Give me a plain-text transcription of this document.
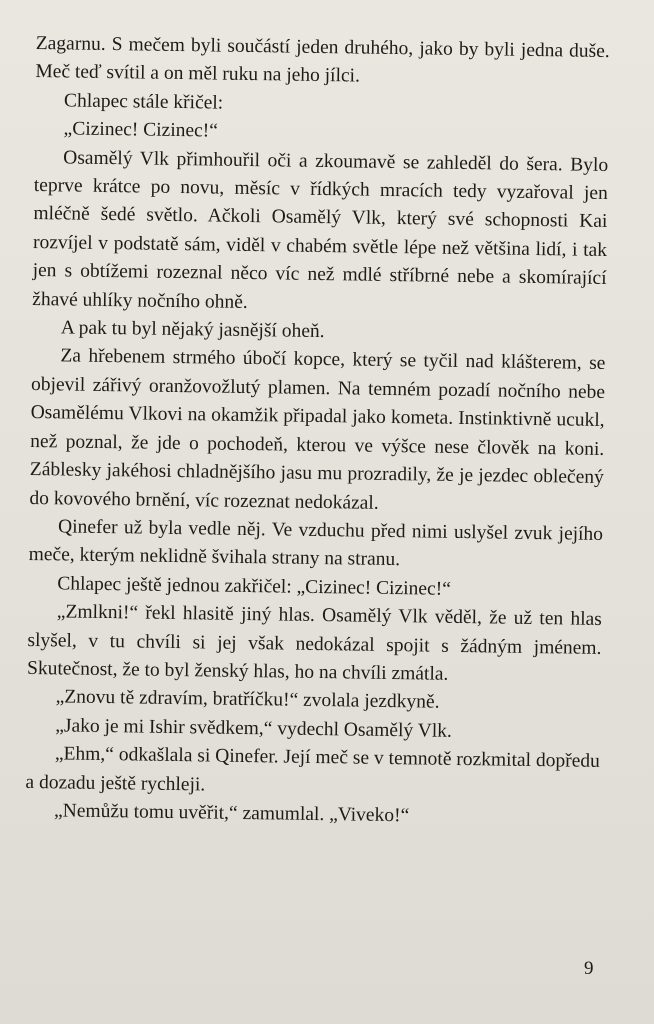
Zagarnu. S mečem byli součástí jeden druhého, jako by byli jedna duše. Meč teď svítil a on měl ruku na jeho jílci.

Chlapec stále křičel:

„Cizinec! Cizinec!“

Osamělý Vlk přimhouřil oči a zkoumavě se zahleděl do šera. Bylo teprve krátce po novu, měsíc v řídkých mracích tedy vyzařoval jen mléčně šedé světlo. Ačkoli Osamělý Vlk, který své schopnosti Kai rozvíjel v podstatě sám, viděl v chabém světle lépe než většina lidí, i tak jen s obtížemi rozeznal něco víc než mdlé stříbrné nebe a skomírající žhavé uhlíky nočního ohně.

A pak tu byl nějaký jasnější oheň.

Za hřebenem strmého úbočí kopce, který se tyčil nad klášterem, se objevil zářivý oranžovožlutý plamen. Na temném pozadí nočního nebe Osamělému Vlkovi na okamžik připadal jako kometa. Instinktivně ucukl, než poznal, že jde o pochodeň, kterou ve výšce nese člověk na koni. Záblesky jakéhosi chladnějšího jasu mu prozradily, že je jezdec oblečený do kovového brnění, víc rozeznat nedokázal.

Qinefer už byla vedle něj. Ve vzduchu před nimi uslyšel zvuk jejího meče, kterým neklidně švihala strany na stranu.

Chlapec ještě jednou zakřičel: „Cizinec! Cizinec!“

„Zmlkni!“ řekl hlasitě jiný hlas. Osamělý Vlk věděl, že už ten hlas slyšel, v tu chvíli si jej však nedokázal spojit s žádným jménem. Skutečnost, že to byl ženský hlas, ho na chvíli zmátla.

„Znovu tě zdravím, bratříčku!“ zvolala jezdkyně.

„Jako je mi Ishir svědkem,“ vydechl Osamělý Vlk.

„Ehm,“ odkašlala si Qinefer. Její meč se v temnotě rozkmital dopředu a dozadu ještě rychleji.

„Nemůžu tomu uvěřit,“ zamumlal. „Viveko!“

9
